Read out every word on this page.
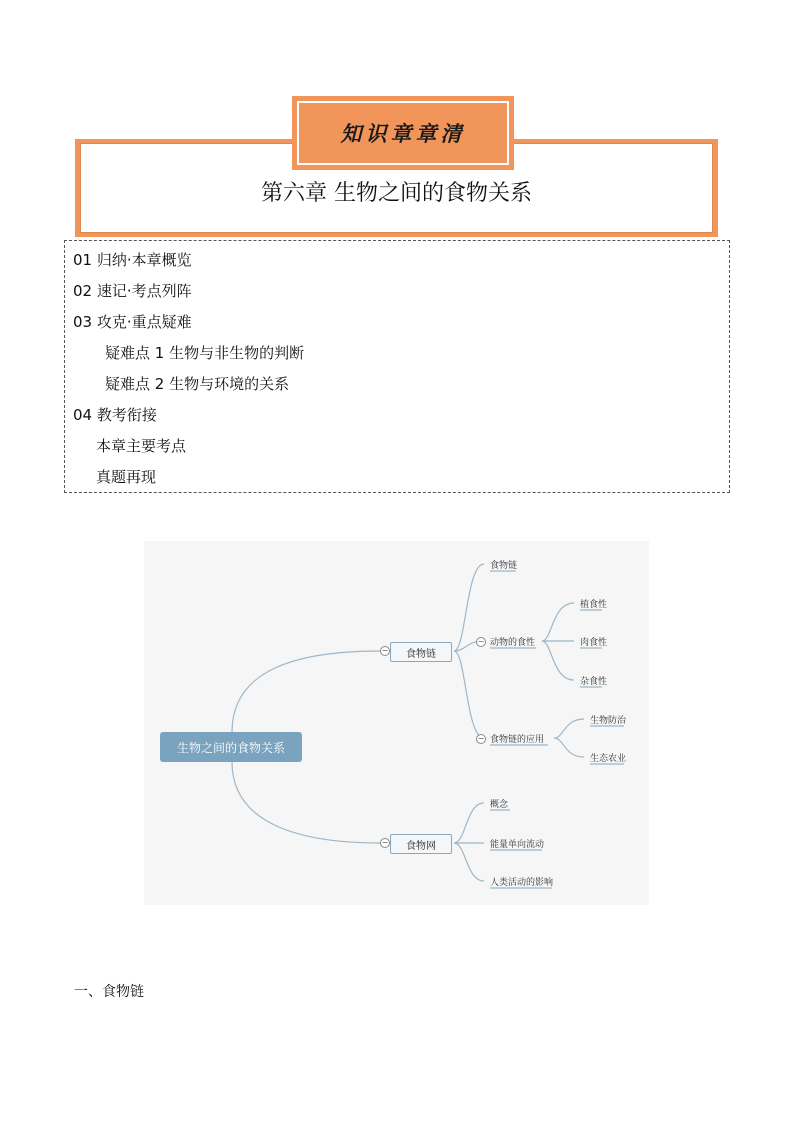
第六章 生物之间的食物关系
知识章章清
01 归纳·本章概览
02 速记·考点列阵
03 攻克·重点疑难
疑难点 1 生物与非生物的判断
疑难点 2 生物与环境的关系
04 教考衔接
本章主要考点
真题再现
生物之间的食物关系
食物链
−
食物网
−
食物链
动物的食性
−
食物链的应用
−
植食性
肉食性
杂食性
生物防治
生态农业
概念
能量单向流动
人类活动的影响
一、食物链
